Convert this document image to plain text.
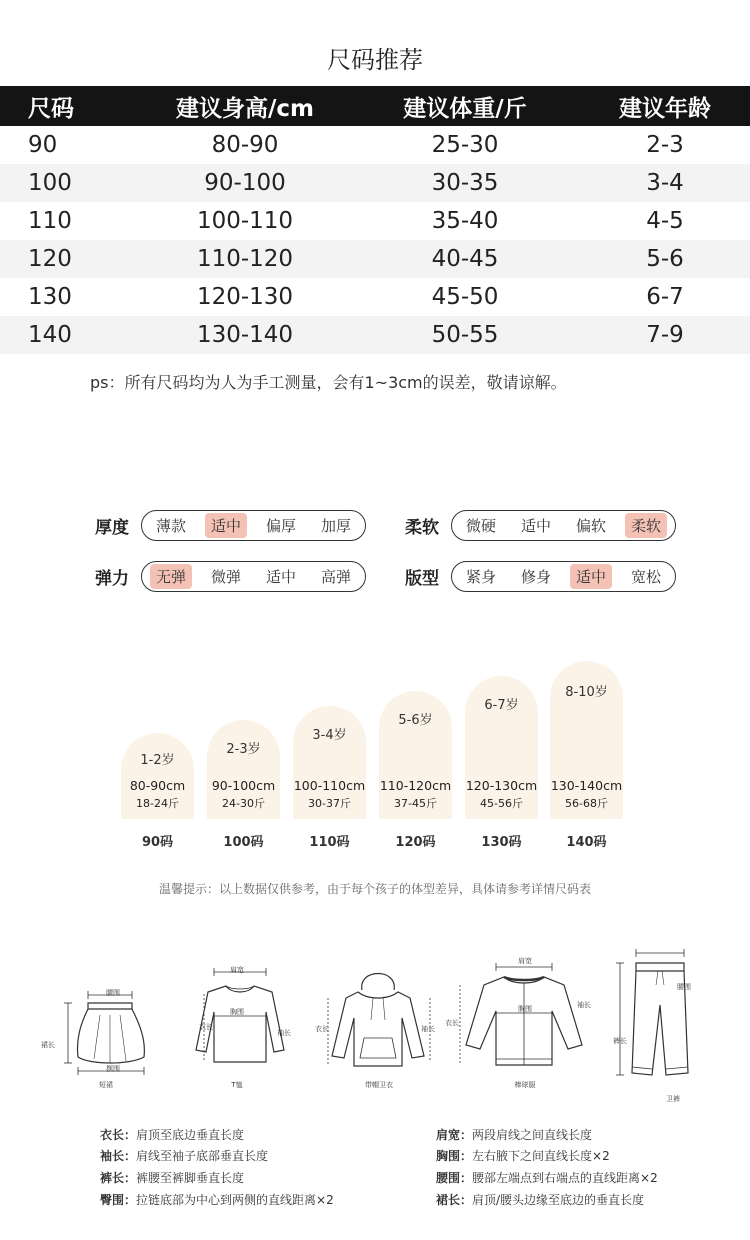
尺码推荐
尺码	建议身高/cm	建议体重/斤	建议年龄
90	80-90	25-30	2-3
100	90-100	30-35	3-4
110	100-110	35-40	4-5
120	110-120	40-45	5-6
130	120-130	45-50	6-7
140	130-140	50-55	7-9
ps：所有尺码均为人为手工测量，会有1~3cm的误差，敬请谅解。
厚度	薄款	适中	偏厚	加厚	柔软	微硬	适中	偏软	柔软
弹力	无弹	微弹	适中	高弹	版型	紧身	修身	适中	宽松
1-2岁
80-90cm
18-24斤
2-3岁
90-100cm
24-30斤
3-4岁
100-110cm
30-37斤
5-6岁
110-120cm
37-45斤
6-7岁
120-130cm
45-56斤
8-10岁
130-140cm
56-68斤
90码	100码	110码	120码	130码	140码
温馨提示：以上数据仅供参考，由于每个孩子的体型差异，具体请参考详情尺码表
腰围
摆围
裙长
短裙
肩宽
胸围
衣长
袖长
T恤
衣长	袖长
带帽卫衣
肩宽
胸围
衣长
袖长
棒球服
腰围
裤长
卫裤
衣长：肩顶至底边垂直长度
袖长：肩线至袖子底部垂直长度
裤长：裤腰至裤脚垂直长度
臀围：拉链底部为中心到两侧的直线距离×2
肩宽：两段肩线之间直线长度
胸围：左右腋下之间直线长度×2
腰围：腰部左端点到右端点的直线距离×2
裙长：肩顶/腰头边缘至底边的垂直长度
